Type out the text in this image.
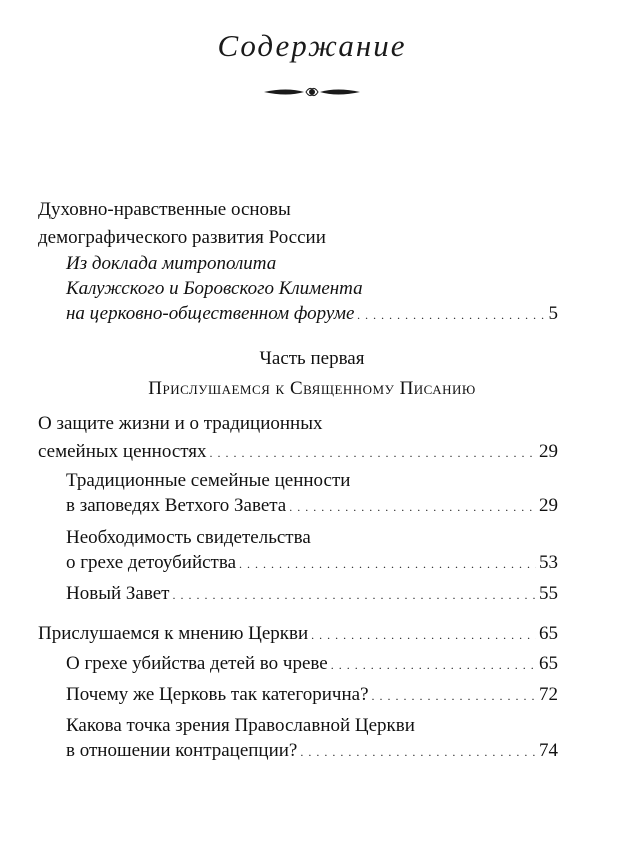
Содержание
Духовно-нравственные основы
демографического развития России
Из доклада митрополита
Калужского и Боровского Климента
на церковно-общественном форуме . . .	5
Часть первая
Прислушаемся к Священному Писанию
О защите жизни и о традиционных
семейных ценностях . . .	29
Традиционные семейные ценности
в заповедях Ветхого Завета . . .	29
Необходимость свидетельства
о грехе детоубийства . . .	53
Новый Завет . . .	55
Прислушаемся к мнению Церкви . . .	65
О грехе убийства детей во чреве . . .	65
Почему же Церковь так категорична? . . .	72
Какова точка зрения Православной Церкви
в отношении контрацепции? . . .	74
